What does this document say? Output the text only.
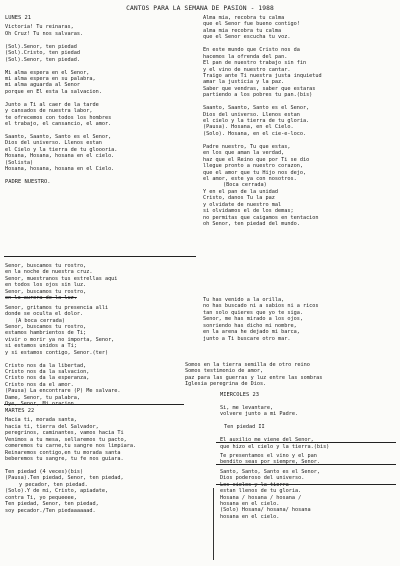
CANTOS PARA LA SEMANA DE PASION - 1988
LUNES 21
Victoria! Tu reinaras,
Oh Cruz! Tu nos salvaras.
(Sol).Senor, ten piedad
(Sol).Cristo, ten piedad
(Sol).Senor, ten piedad.
Mi alma espera en el Senor,
mi alma espera en su palabra,
mi alma aguarda al Senor
porque en El esta la salvacion.
Junto a Ti al caer de la tarde
y cansados de nuestra labor,
te ofrecemos con todos los hombres
el trabajo, el cansancio, el amor.
Saanto, Saanto, Santo es el Senor,
Dios del universo. Llenos estan
el Cielo y la tierra de tu gloooria.
Hosana, Hosana, hosana en el cielo.
(Solista)
Hosana, hosana, hosana en el Cielo.
PADRE NUESTRO.
Alma mia, recobra tu calma
que el Senor fue bueno contigo!
alma mia recobra tu calma
que el Senor escucha tu voz.
En este mundo que Cristo nos da
hacemos la ofrenda del pan.
El pan de nuestro trabajo sin fin
y el vino de nuestro cantar.
Traigo ante Ti nuestra justa inquietud
amar la justicia y la paz.
Saber que vendras, saber que estaras
partiendo a los pobres tu pan.(bis)
Saanto, Saanto, Santo es el Senor,
Dios del universo. Llenos estan
el cielo y la tierra de tu gloria.
(Pausa). Hosana, en el Cielo.
(Solo). Hosana, en el cie-e-loco.
Padre nuestro, Tu que estas,
en los que aman la verdad,
haz que el Reino que por Ti se dio
llegue pronto a nuestro corazon,
que el amor que tu Hijo nos dejo,
el amor, este ya con nosotros.
(Boca cerrada)
Y en el pan de la unidad
Cristo, danos Tu la paz
y olvidate de nuestro mal
si olvidamos el de los demas;
no permitas que caigamos en tentacion
oh Senor, ten piedad del mundo.
Senor, buscamos tu rostro,
en la noche de nuestra cruz.
Senor, muestranos tus estrellas aqui
en todos los ojos sin luz.
Senor, buscamos tu rostro,
en la aurora de la luz.
Senor, gritamos tu presencia alli
donde se oculta el dolor.
(A boca cerrada)
Senor, buscamos tu rostro,
estamos hambrientos de Ti;
vivir o morir ya no importa, Senor,
si estamos unidos a Ti;
y si estamos contigo, Senor.(ter)
Cristo nos da la libertad,
Cristo nos da la salvacion,
Cristo nos da la esperanza,
Cristo nos da el amor.
(Pausa) La encontrare (P) Me salvare.
Dame, Senor, tu palabra,
Oye, Senor, Mi oracion.
Tu has venido a la orilla,
no has buscado ni a sabios ni a ricos
tan solo quieres que yo te siga.
Senor, me has mirado a los ojos,
sonriendo has dicho mi nombre,
en la arena he dejado mi barca,
junto a Ti buscare otro mar.
Somos en la tierra semilla de otro reino
Somos testimonio de amor,
paz para las guerras y luz entre las sombras
Iglesia peregrina de Dios.
MARTES 22
Hacia ti, morada santa,
hacia ti, tierra del Salvador,
peregrinos, caminantes, vamos hacia Ti
Venimos a tu mesa, sellaremos tu pacto,
comeremos tu carne,tu sangre nos limpiara.
Reinaremos contigo,en tu morada santa
beberemos tu sangre, tu fe nos guiara.
Ten piedad (4 veces)(bis)
(Pausa).Ten piedad, Senor, ten piedad,
y pecador, ten piedad.
(Solo).Y de mi, Cristo, apiadate,
contra Ti, yo pequeeee,
Ten piedad, Senor, ten piedad,
soy pecador./Ten piedaaaaaad.
MIERCOLES 23
Si, me levantare,
volvere junto a mi Padre.
Ten piedad II
El auxilio me viene del Senor,
que hizo el cielo y la tierra.(bis)
Te presentamos el vino y el pan
bendito seas por siempre, Senor.
Santo, Santo, Santo es el Senor,
Dios poderoso del universo.
Los cielos y la tierra
estan llenos de tu gloria.
Hosana / hosana / hosana /
hosana en el cielo.
(Solo) Hosana/ hosana/ hosana
hosana en el cielo.
